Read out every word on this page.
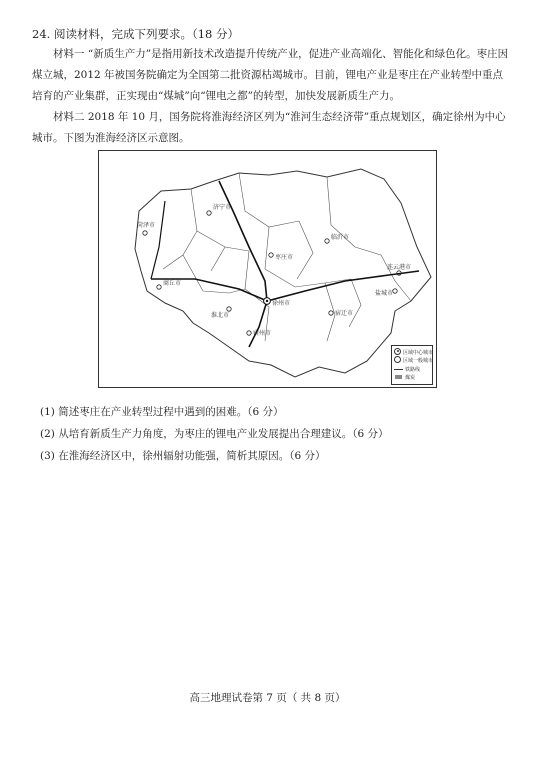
24. 阅读材料，完成下列要求。（18 分）

材料一 “新质生产力”是指用新技术改造提升传统产业，促进产业高端化、智能化和绿色化。枣庄因煤立城，2012 年被国务院确定为全国第二批资源枯竭城市。目前，锂电产业是枣庄在产业转型中重点培育的产业集群，正实现由“煤城”向“锂电之都”的转型，加快发展新质生产力。

材料二 2018 年 10 月，国务院将淮海经济区列为“淮河生态经济带”重点规划区，确定徐州为中心城市。下图为淮海经济区示意图。

菏泽市
济宁市
临沂市
枣庄市
商丘市
淮北市
徐州市
连云港市
宿迁市
宿州市
盐城市
区域中心城市
区域一般城市
铁路线
煤炭
(1) 简述枣庄在产业转型过程中遇到的困难。（6 分）
(2) 从培育新质生产力角度，为枣庄的锂电产业发展提出合理建议。（6 分）
(3) 在淮海经济区中，徐州辐射功能强，简析其原因。（6 分）
高三地理试卷第 7 页（ 共 8 页）
